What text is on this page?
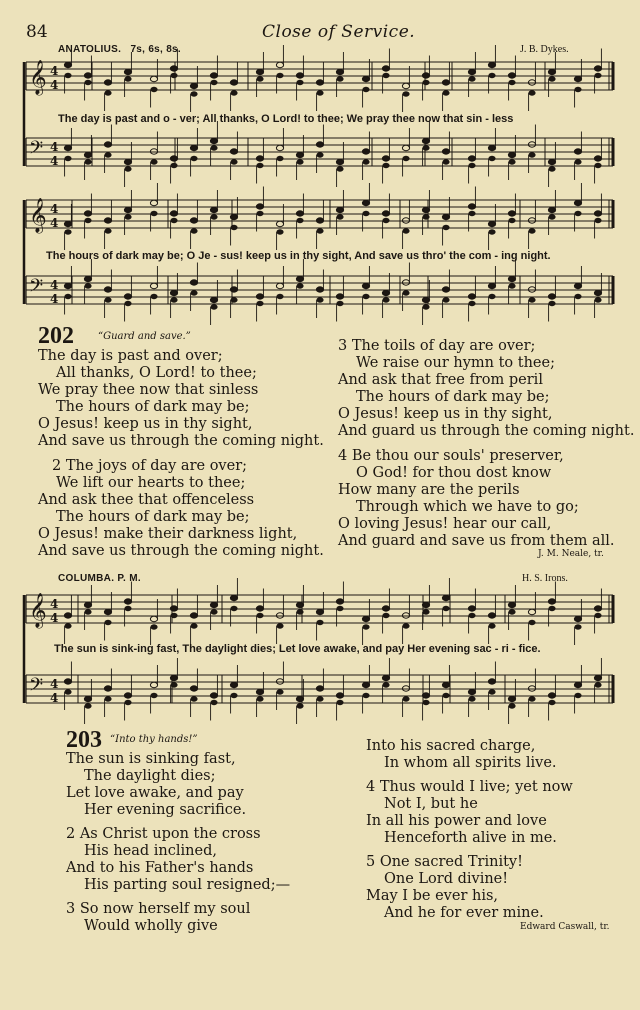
84	Close of Service.
𝄞 4
4
𝄢 4
4
𝄞 4
4
𝄢 4
4
𝄞 4
4
𝄢 4
4
ANATOLIUS. 7s, 6s, 8s.	J. B. Dykes.
The day is past and o - ver; All thanks, O Lord! to thee; We pray thee now that sin - less
The hours of dark may be; O Je - sus! keep us in thy sight, And save us thro' the com - ing night.
202 “Guard and save.”
The day is past and over;
All thanks, O Lord! to thee;
We pray thee now that sinless
The hours of dark may be;
O Jesus! keep us in thy sight,
And save us through the coming night.
2 The joys of day are over;
We lift our hearts to thee;
And ask thee that offenceless
The hours of dark may be;
O Jesus! make their darkness light,
And save us through the coming night.
3 The toils of day are over;
We raise our hymn to thee;
And ask that free from peril
The hours of dark may be;
O Jesus! keep us in thy sight,
And guard us through the coming night.
4 Be thou our souls' preserver,
O God! for thou dost know
How many are the perils
Through which we have to go;
O loving Jesus! hear our call,
And guard and save us from them all.
J. M. Neale, tr.
COLUMBA. P. M.	H. S. Irons.
The sun is sink-ing fast, The daylight dies; Let love awake, and pay Her evening sac - ri - fice.
203 “Into thy hands!”
The sun is sinking fast,
The daylight dies;
Let love awake, and pay
Her evening sacrifice.
2 As Christ upon the cross
His head inclined,
And to his Father's hands
His parting soul resigned;—
3 So now herself my soul
Would wholly give
Into his sacred charge,
In whom all spirits live.
4 Thus would I live; yet now
Not I, but he
In all his power and love
Henceforth alive in me.
5 One sacred Trinity!
One Lord divine!
May I be ever his,
And he for ever mine.
Edward Caswall, tr.
